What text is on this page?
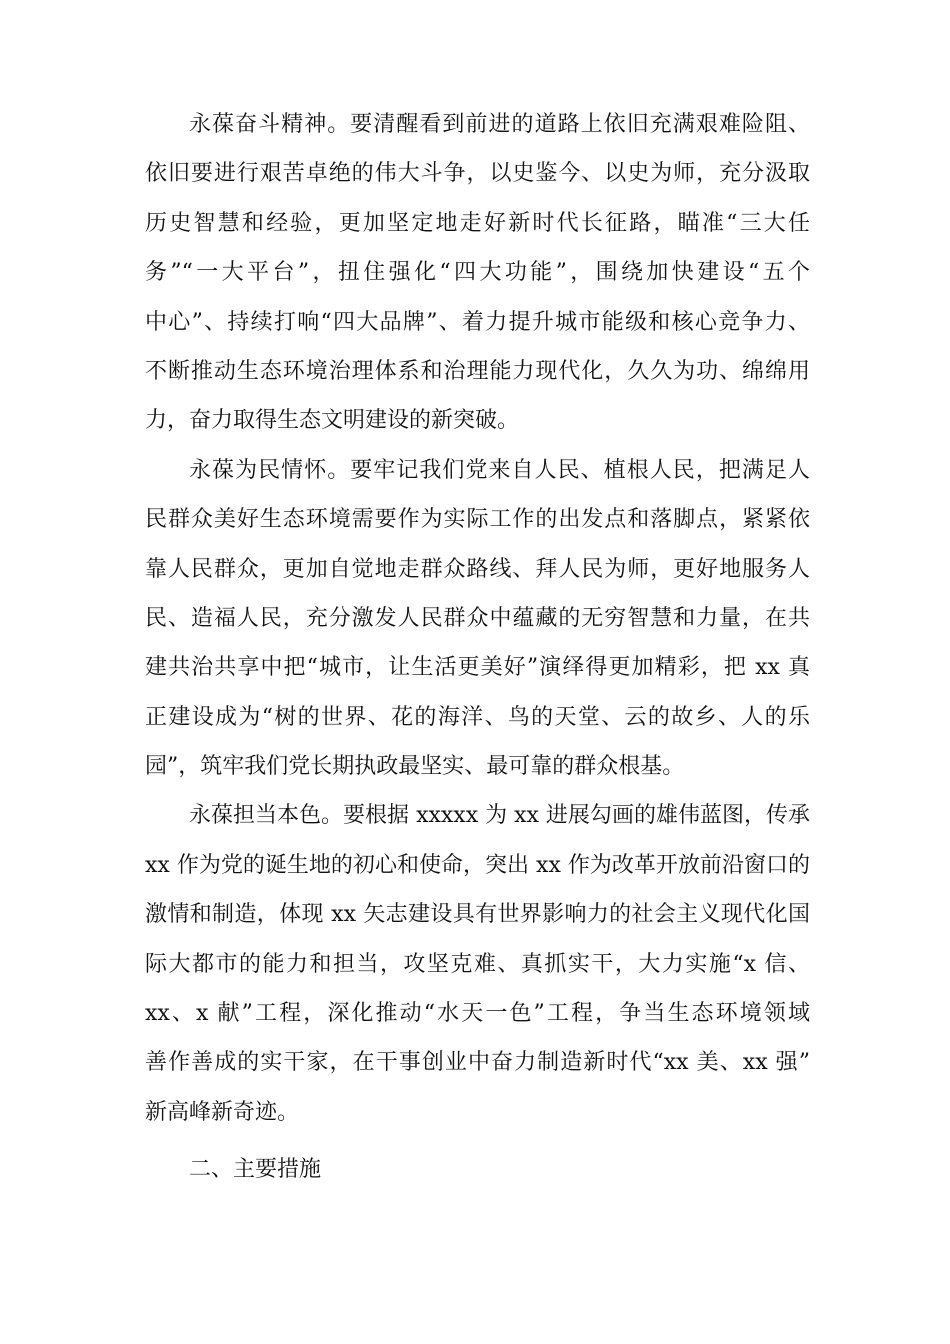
永葆奋斗精神。要清醒看到前进的道路上依旧充满艰难险阻、
依旧要进行艰苦卓绝的伟大斗争，以史鉴今、以史为师，充分汲取
历史智慧和经验，更加坚定地走好新时代长征路，瞄准“三大任
务”“一大平台”，扭住强化“四大功能”，围绕加快建设“五个
中心”、持续打响“四大品牌”、着力提升城市能级和核心竞争力、
不断推动生态环境治理体系和治理能力现代化，久久为功、绵绵用
力，奋力取得生态文明建设的新突破。
永葆为民情怀。要牢记我们党来自人民、植根人民，把满足人
民群众美好生态环境需要作为实际工作的出发点和落脚点，紧紧依
靠人民群众，更加自觉地走群众路线、拜人民为师，更好地服务人
民、造福人民，充分激发人民群众中蕴藏的无穷智慧和力量，在共
建共治共享中把“城市，让生活更美好”演绎得更加精彩，把 xx 真
正建设成为“树的世界、花的海洋、鸟的天堂、云的故乡、人的乐
园”，筑牢我们党长期执政最坚实、最可靠的群众根基。
永葆担当本色。要根据 xxxxx 为 xx 进展勾画的雄伟蓝图，传承
xx 作为党的诞生地的初心和使命，突出 xx 作为改革开放前沿窗口的
激情和制造，体现 xx 矢志建设具有世界影响力的社会主义现代化国
际大都市的能力和担当，攻坚克难、真抓实干，大力实施“x 信、
xx、x 献”工程，深化推动“水天一色”工程，争当生态环境领域
善作善成的实干家，在干事创业中奋力制造新时代“xx 美、xx 强”
新高峰新奇迹。
二、主要措施
